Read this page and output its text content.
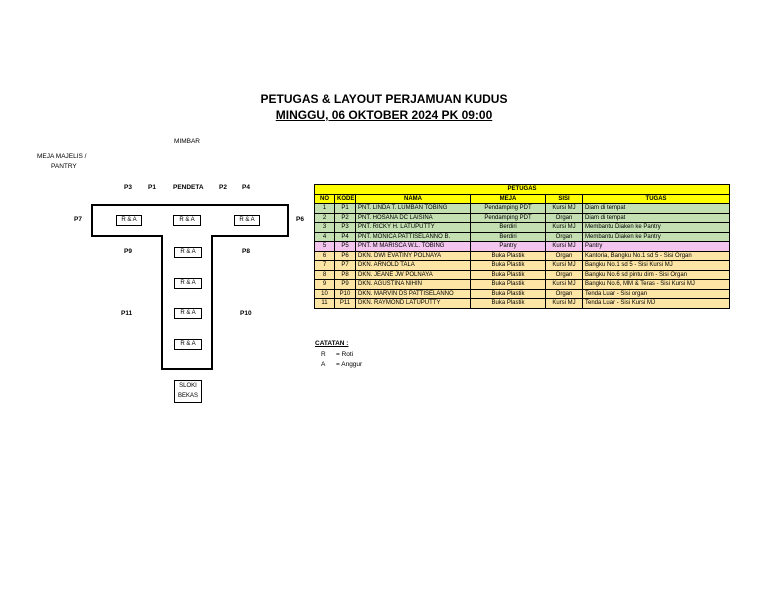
PETUGAS & LAYOUT PERJAMUAN KUDUS
MINGGU, 06 OKTOBER 2024 PK 09:00
MIMBAR
MEJA MAJELIS /
PANTRY
P3 P1	PENDETA P2 P4
P7	P6
P9	P8
P11	P10
R & A	R & A	R & A
R & A
R & A
R & A
R & A
SLOKI
BEKAS
PETUGAS					
NO	KODE	NAMA	MEJA	SISI	TUGAS
1	P1	PNT. LINDA T. LUMBAN TOBING	Pendamping PDT	Kursi MJ	Diam di tempat
2	P2	PNT. HOSANA DC LAISINA	Pendamping PDT	Organ	Diam di tempat
3	P3	PNT. RICKY H. LATUPUTTY	Berdiri	Kursi MJ	Membantu Diaken ke Pantry
4	P4	PNT. MONICA PATTISELANNO B.	Berdiri	Organ	Membantu Diaken ke Pantry
5	P5	PNT. M MARISCA W.L. TOBING	Pantry	Kursi MJ	Pantry
6	P6	DKN. DWI EVATINY POLNAYA	Buka Plastik	Organ	Kantoria, Bangku No.1 sd 5 - Sisi Organ
7	P7	DKN. ARNOLD TALA	Buka Plastik	Kursi MJ	Bangku No.1 sd 5 - Sisi Kursi MJ
8	P8	DKN. JEANE JW POLNAYA	Buka Plastik	Organ	Bangku No.6 sd pintu dim - Sisi Organ
9	P9	DKN. AGUSTINA NIHIN	Buka Plastik	Kursi MJ	Bangku No.6, MM & Teras - Sisi Kursi MJ
10	P10	DKN. MARVIN DS PATTISELANNO	Buka Plastik	Organ	Tenda Luar - Sisi organ
11	P11	DKN. RAYMOND LATUPUTTY	Buka Plastik	Kursi MJ	Tenda Luar - Sisi Kursi MJ
CATATAN :
R = Roti
A = Anggur
